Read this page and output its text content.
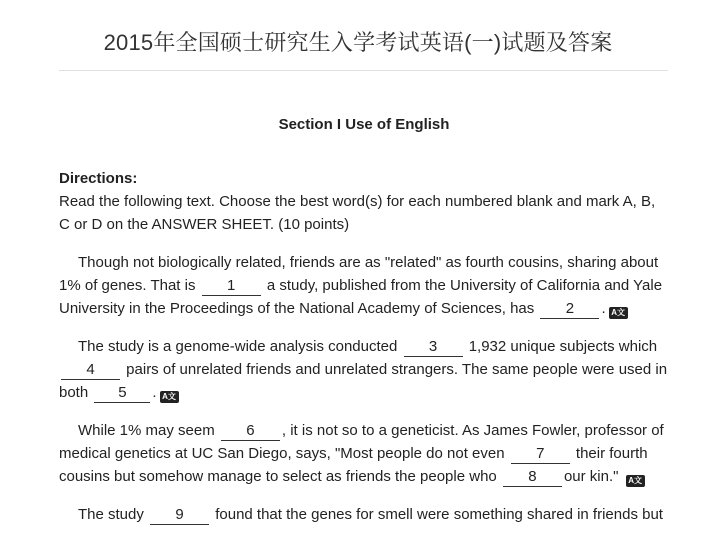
2015年全国硕士研究生入学考试英语(一)试题及答案
Section I Use of English
Directions:

Read the following text. Choose the best word(s) for each numbered blank and mark A, B, C or D on the ANSWER SHEET. (10 points)

Though not biologically related, friends are as "related" as fourth cousins, sharing about 1% of genes. That is 1 a study, published from the University of California and Yale University in the Proceedings of the National Academy of Sciences, has 2 . A文

The study is a genome-wide analysis conducted 3 1,932 unique subjects which 4 pairs of unrelated friends and unrelated strangers. The same people were used in both 5 . A文

While 1% may seem 6 , it is not so to a geneticist. As James Fowler, professor of medical genetics at UC San Diego, says, "Most people do not even 7 their fourth cousins but somehow manage to select as friends the people who 8 our kin." A文

The study 9 found that the genes for smell were something shared in friends but
